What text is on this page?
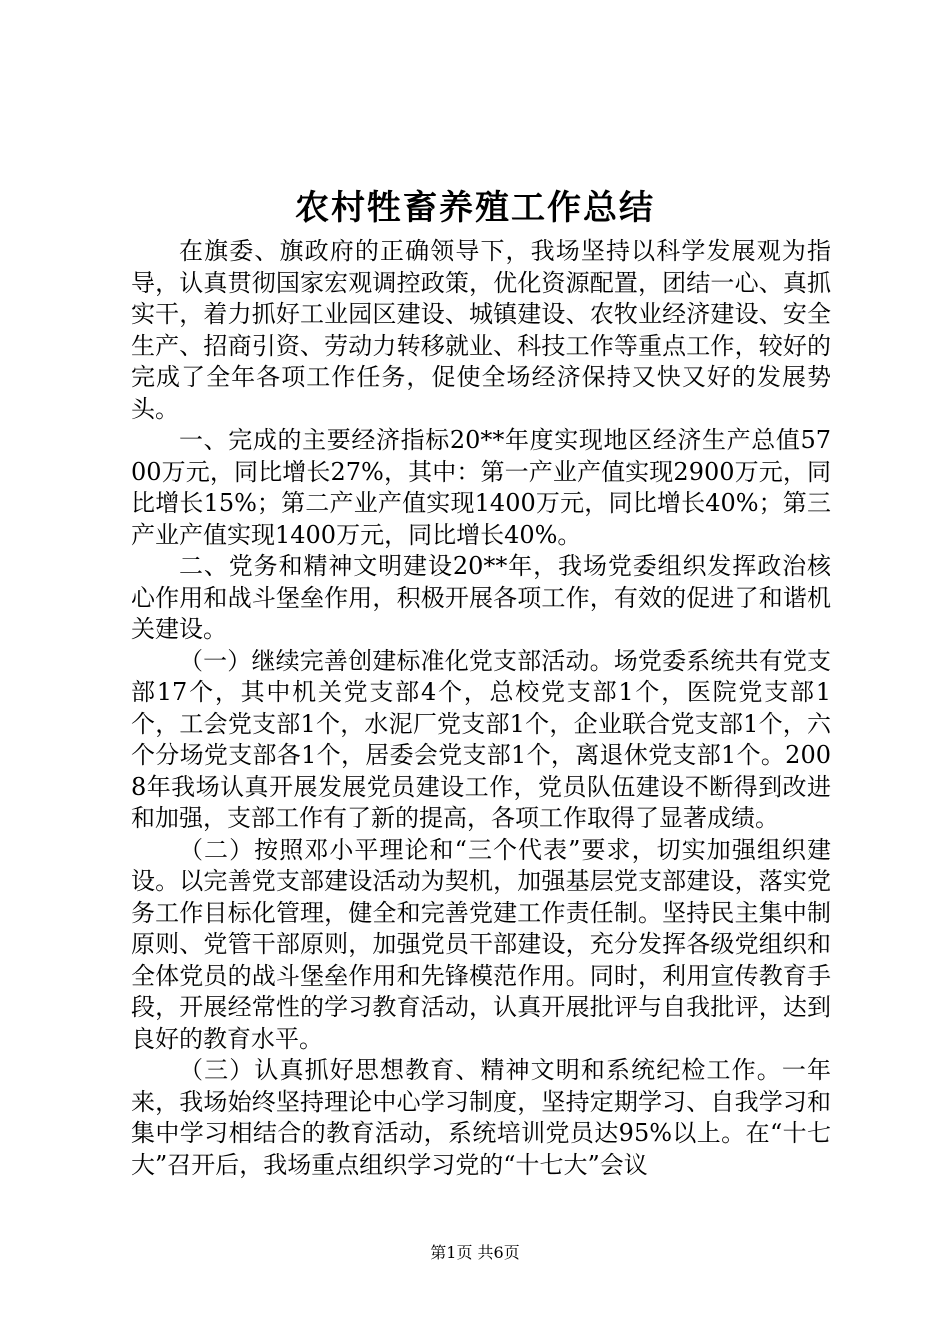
农村牲畜养殖工作总结

在旗委、旗政府的正确领导下，我场坚持以科学发展观为指导，认真贯彻国家宏观调控政策，优化资源配置，团结一心、真抓实干，着力抓好工业园区建设、城镇建设、农牧业经济建设、安全生产、招商引资、劳动力转移就业、科技工作等重点工作，较好的完成了全年各项工作任务，促使全场经济保持又快又好的发展势头。

一、完成的主要经济指标20**年度实现地区经济生产总值5700万元，同比增长27%，其中：第一产业产值实现2900万元，同比增长15%；第二产业产值实现1400万元，同比增长40%；第三产业产值实现1400万元，同比增长40%。

二、党务和精神文明建设20**年，我场党委组织发挥政治核心作用和战斗堡垒作用，积极开展各项工作，有效的促进了和谐机关建设。

（一）继续完善创建标准化党支部活动。场党委系统共有党支部17个，其中机关党支部4个，总校党支部1个，医院党支部1个，工会党支部1个，水泥厂党支部1个，企业联合党支部1个，六个分场党支部各1个，居委会党支部1个，离退休党支部1个。2008年我场认真开展发展党员建设工作，党员队伍建设不断得到改进和加强，支部工作有了新的提高，各项工作取得了显著成绩。

（二）按照邓小平理论和“三个代表”要求，切实加强组织建设。以完善党支部建设活动为契机，加强基层党支部建设，落实党务工作目标化管理，健全和完善党建工作责任制。坚持民主集中制原则、党管干部原则，加强党员干部建设，充分发挥各级党组织和全体党员的战斗堡垒作用和先锋模范作用。同时，利用宣传教育手段，开展经常性的学习教育活动，认真开展批评与自我批评，达到良好的教育水平。

（三）认真抓好思想教育、精神文明和系统纪检工作。一年来，我场始终坚持理论中心学习制度，坚持定期学习、自我学习和集中学习相结合的教育活动，系统培训党员达95%以上。在“十七大”召开后，我场重点组织学习党的“十七大”会议

第1页 共6页
